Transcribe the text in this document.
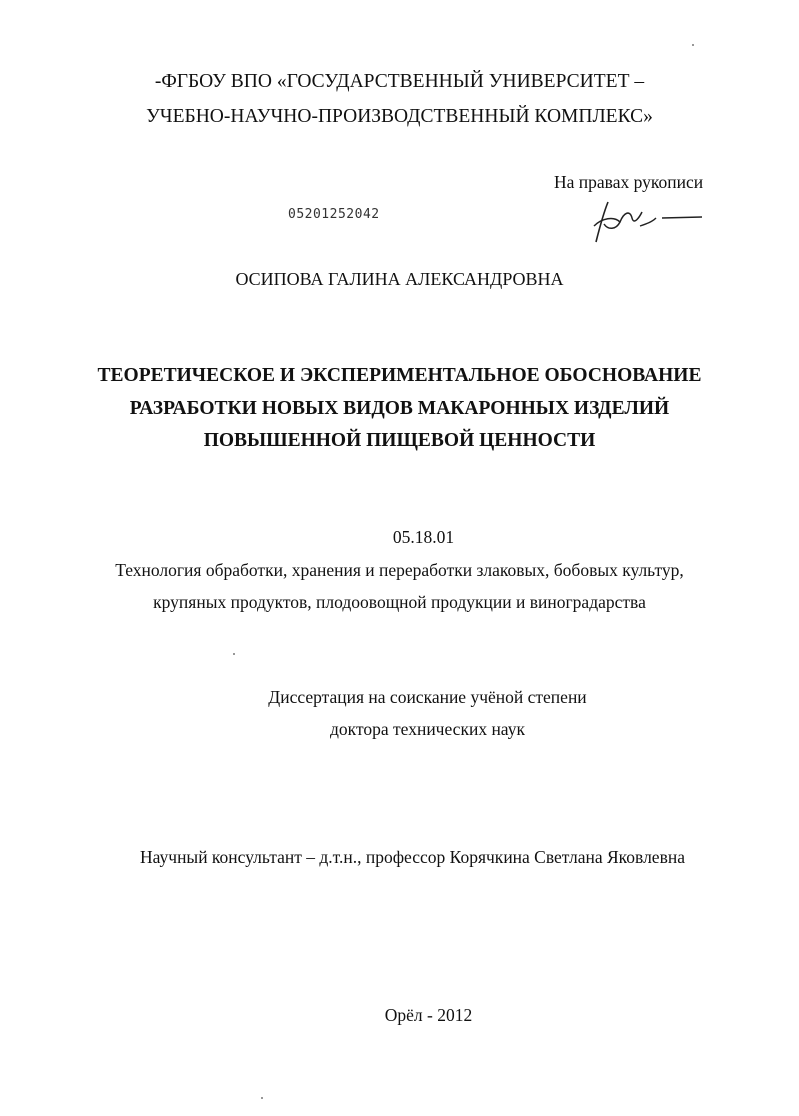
-ФГБОУ ВПО «ГОСУДАРСТВЕННЫЙ УНИВЕРСИТЕТ –
УЧЕБНО-НАУЧНО-ПРОИЗВОДСТВЕННЫЙ КОМПЛЕКС»
На правах рукописи
05201252042
ОСИПОВА ГАЛИНА АЛЕКСАНДРОВНА
ТЕОРЕТИЧЕСКОЕ И ЭКСПЕРИМЕНТАЛЬНОЕ ОБОСНОВАНИЕ
РАЗРАБОТКИ НОВЫХ ВИДОВ МАКАРОННЫХ ИЗДЕЛИЙ
ПОВЫШЕННОЙ ПИЩЕВОЙ ЦЕННОСТИ
05.18.01
Технология обработки, хранения и переработки злаковых, бобовых культур,
крупяных продуктов, плодоовощной продукции и виноградарства
Диссертация на соискание учёной степени
доктора технических наук
Научный консультант – д.т.н., профессор Корячкина Светлана Яковлевна
Орёл - 2012
